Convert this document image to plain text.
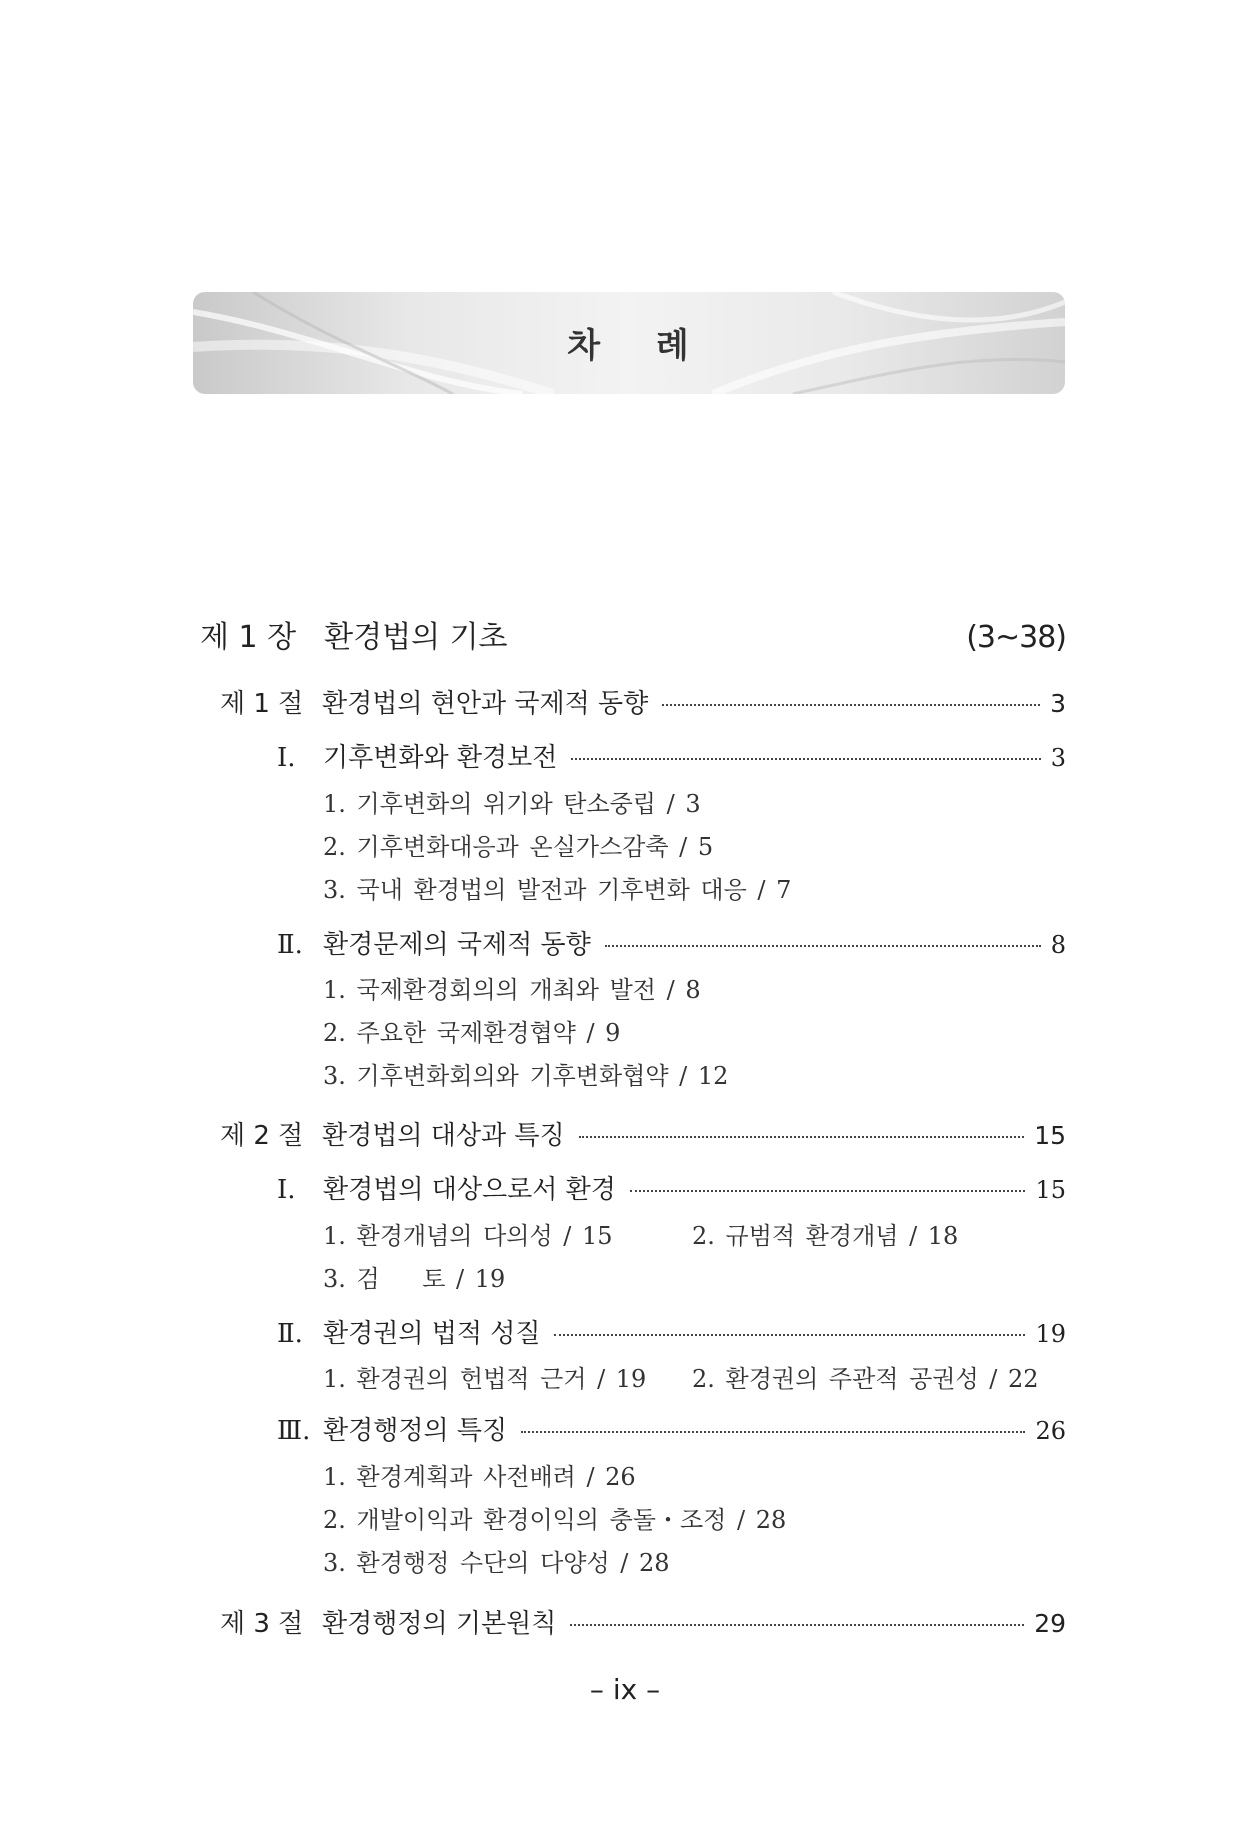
차 례
제 1 장 환경법의 기초	(3~38)
제 1 절 환경법의 현안과 국제적 동향	3
Ⅰ.	기후변화와 환경보전	3
1. 기후변화의 위기와 탄소중립 / 3
2. 기후변화대응과 온실가스감축 / 5
3. 국내 환경법의 발전과 기후변화 대응 / 7
Ⅱ. 환경문제의 국제적 동향	8
1. 국제환경회의의 개최와 발전 / 8
2. 주요한 국제환경협약 / 9
3. 기후변화회의와 기후변화협약 / 12
제 2 절 환경법의 대상과 특징	15
Ⅰ.	환경법의 대상으로서 환경	15
1. 환경개념의 다의성 / 15	2. 규범적 환경개념 / 18
3. 검    토 / 19
Ⅱ. 환경권의 법적 성질	19
1. 환경권의 헌법적 근거 / 19 2. 환경권의 주관적 공권성 / 22
Ⅲ. 환경행정의 특징	26
1. 환경계획과 사전배려 / 26
2. 개발이익과 환경이익의 충돌・조정 / 28
3. 환경행정 수단의 다양성 / 28
제 3 절 환경행정의 기본원칙	29
– ix –
